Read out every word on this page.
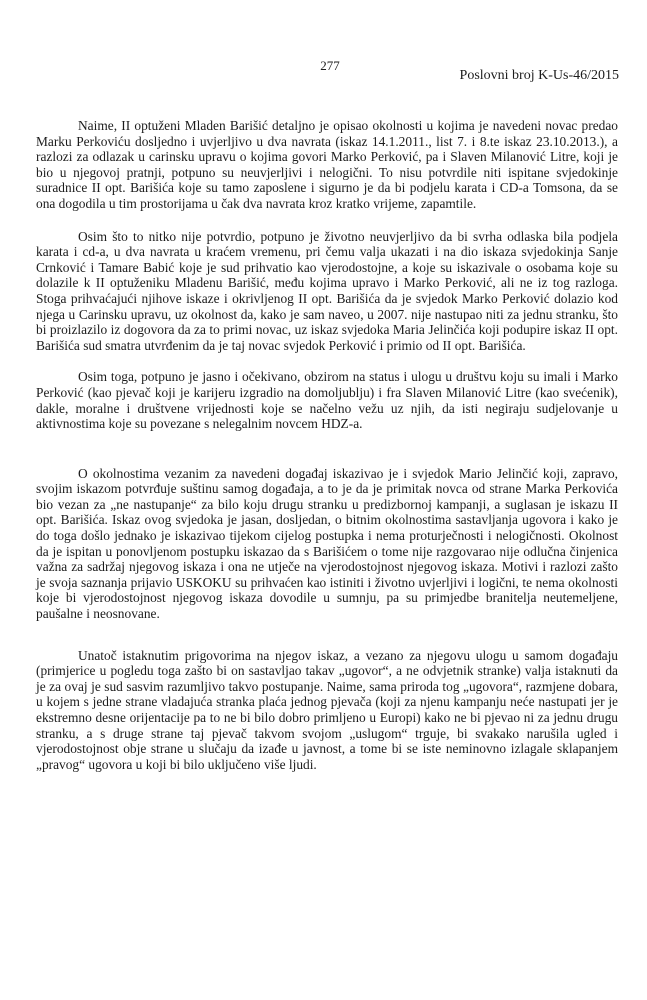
277
Poslovni broj K-Us-46/2015

Naime, II optuženi Mladen Barišić detaljno je opisao okolnosti u kojima je navedeni novac predao Marku Perkoviću dosljedno i uvjerljivo u dva navrata (iskaz 14.1.2011., list 7. i 8.te iskaz 23.10.2013.), a razlozi za odlazak u carinsku upravu o kojima govori Marko Perković, pa i Slaven Milanović Litre, koji je bio u njegovoj pratnji, potpuno su neuvjerljivi i nelogični. To nisu potvrdile niti ispitane svjedokinje suradnice II opt. Barišića koje su tamo zaposlene i sigurno je da bi podjelu karata i CD-a Tomsona, da se ona dogodila u tim prostorijama u čak dva navrata kroz kratko vrijeme, zapamtile.

Osim što to nitko nije potvrdio, potpuno je životno neuvjerljivo da bi svrha odlaska bila podjela karata i cd-a, u dva navrata u kraćem vremenu, pri čemu valja ukazati i na dio iskaza svjedokinja Sanje Crnković i Tamare Babić koje je sud prihvatio kao vjerodostojne, a koje su iskazivale o osobama koje su dolazile k II optuženiku Mladenu Barišić, među kojima upravo i Marko Perković, ali ne iz tog razloga. Stoga prihvaćajući njihove iskaze i okrivljenog II opt. Barišića da je svjedok Marko Perković dolazio kod njega u Carinsku upravu, uz okolnost da, kako je sam naveo, u 2007. nije nastupao niti za jednu stranku, što bi proizlazilo iz dogovora da za to primi novac, uz iskaz svjedoka Maria Jelinčića koji podupire iskaz II opt. Barišića sud smatra utvrđenim da je taj novac svjedok Perković i primio od II opt. Barišića.

Osim toga, potpuno je jasno i očekivano, obzirom na status i ulogu u društvu koju su imali i Marko Perković (kao pjevač koji je karijeru izgradio na domoljublju) i fra Slaven Milanović Litre (kao svećenik), dakle, moralne i društvene vrijednosti koje se načelno vežu uz njih, da isti negiraju sudjelovanje u aktivnostima koje su povezane s nelegalnim novcem HDZ-a.

O okolnostima vezanim za navedeni događaj iskazivao je i svjedok Mario Jelinčić koji, zapravo, svojim iskazom potvrđuje suštinu samog događaja, a to je da je primitak novca od strane Marka Perkovića bio vezan za „ne nastupanje“ za bilo koju drugu stranku u predizbornoj kampanji, a suglasan je iskazu II opt. Barišića. Iskaz ovog svjedoka je jasan, dosljedan, o bitnim okolnostima sastavljanja ugovora i kako je do toga došlo jednako je iskazivao tijekom cijelog postupka i nema proturječnosti i nelogičnosti. Okolnost da je ispitan u ponovljenom postupku iskazao da s Barišićem o tome nije razgovarao nije odlučna činjenica važna za sadržaj njegovog iskaza i ona ne utječe na vjerodostojnost njegovog iskaza. Motivi i razlozi zašto je svoja saznanja prijavio USKOKU su prihvaćen kao istiniti i životno uvjerljivi i logični, te nema okolnosti koje bi vjerodostojnost njegovog iskaza dovodile u sumnju, pa su primjedbe branitelja neutemeljene, paušalne i neosnovane.

Unatoč istaknutim prigovorima na njegov iskaz, a vezano za njegovu ulogu u samom događaju (primjerice u pogledu toga zašto bi on sastavljao takav „ugovor“, a ne odvjetnik stranke) valja istaknuti da je za ovaj je sud sasvim razumljivo takvo postupanje. Naime, sama priroda tog „ugovora“, razmjene dobara, u kojem s jedne strane vladajuća stranka plaća jednog pjevača (koji za njenu kampanju neće nastupati jer je ekstremno desne orijentacije pa to ne bi bilo dobro primljeno u Europi) kako ne bi pjevao ni za jednu drugu stranku, a s druge strane taj pjevač takvom svojom „uslugom“ trguje, bi svakako narušila ugled i vjerodostojnost obje strane u slučaju da izađe u javnost, a tome bi se iste neminovno izlagale sklapanjem „pravog“ ugovora u koji bi bilo uključeno više ljudi.
